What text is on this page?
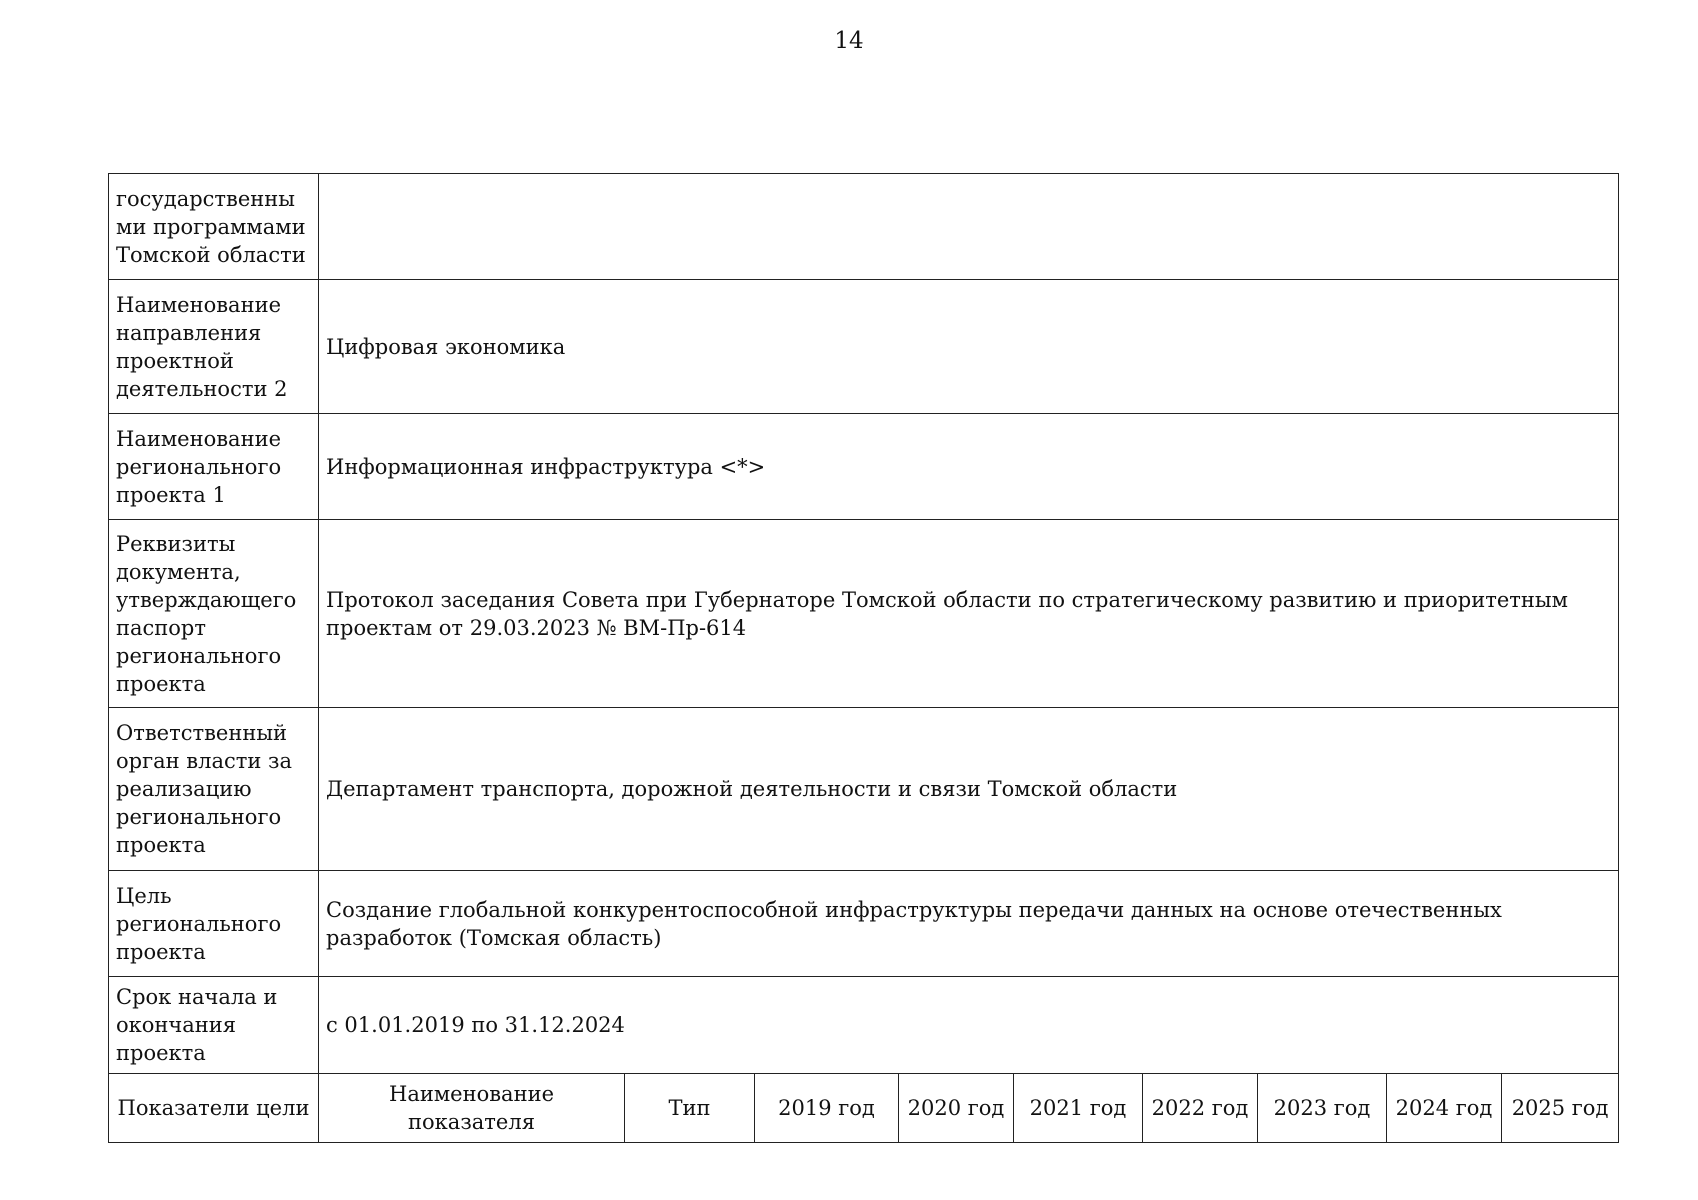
14
государственными программами Томской области									
Наименование направления проектной деятельности 2	Цифровая экономика								
Наименование регионального проекта 1	Информационная инфраструктура <*>								
Реквизиты документа, утверждающего паспорт регионального проекта	Протокол заседания Совета при Губернаторе Томской области по стратегическому развитию и приоритетным проектам от 29.03.2023 № ВМ-Пр-614								
Ответственный орган власти за реализацию регионального проекта	Департамент транспорта, дорожной деятельности и связи Томской области								
Цель регионального проекта	Создание глобальной конкурентоспособной инфраструктуры передачи данных на основе отечественных разработок (Томская область)								
Срок начала и окончания проекта	с 01.01.2019 по 31.12.2024								
Показатели цели	Наименование показателя	Тип	2019 год	2020 год	2021 год	2022 год	2023 год	2024 год	2025 год
